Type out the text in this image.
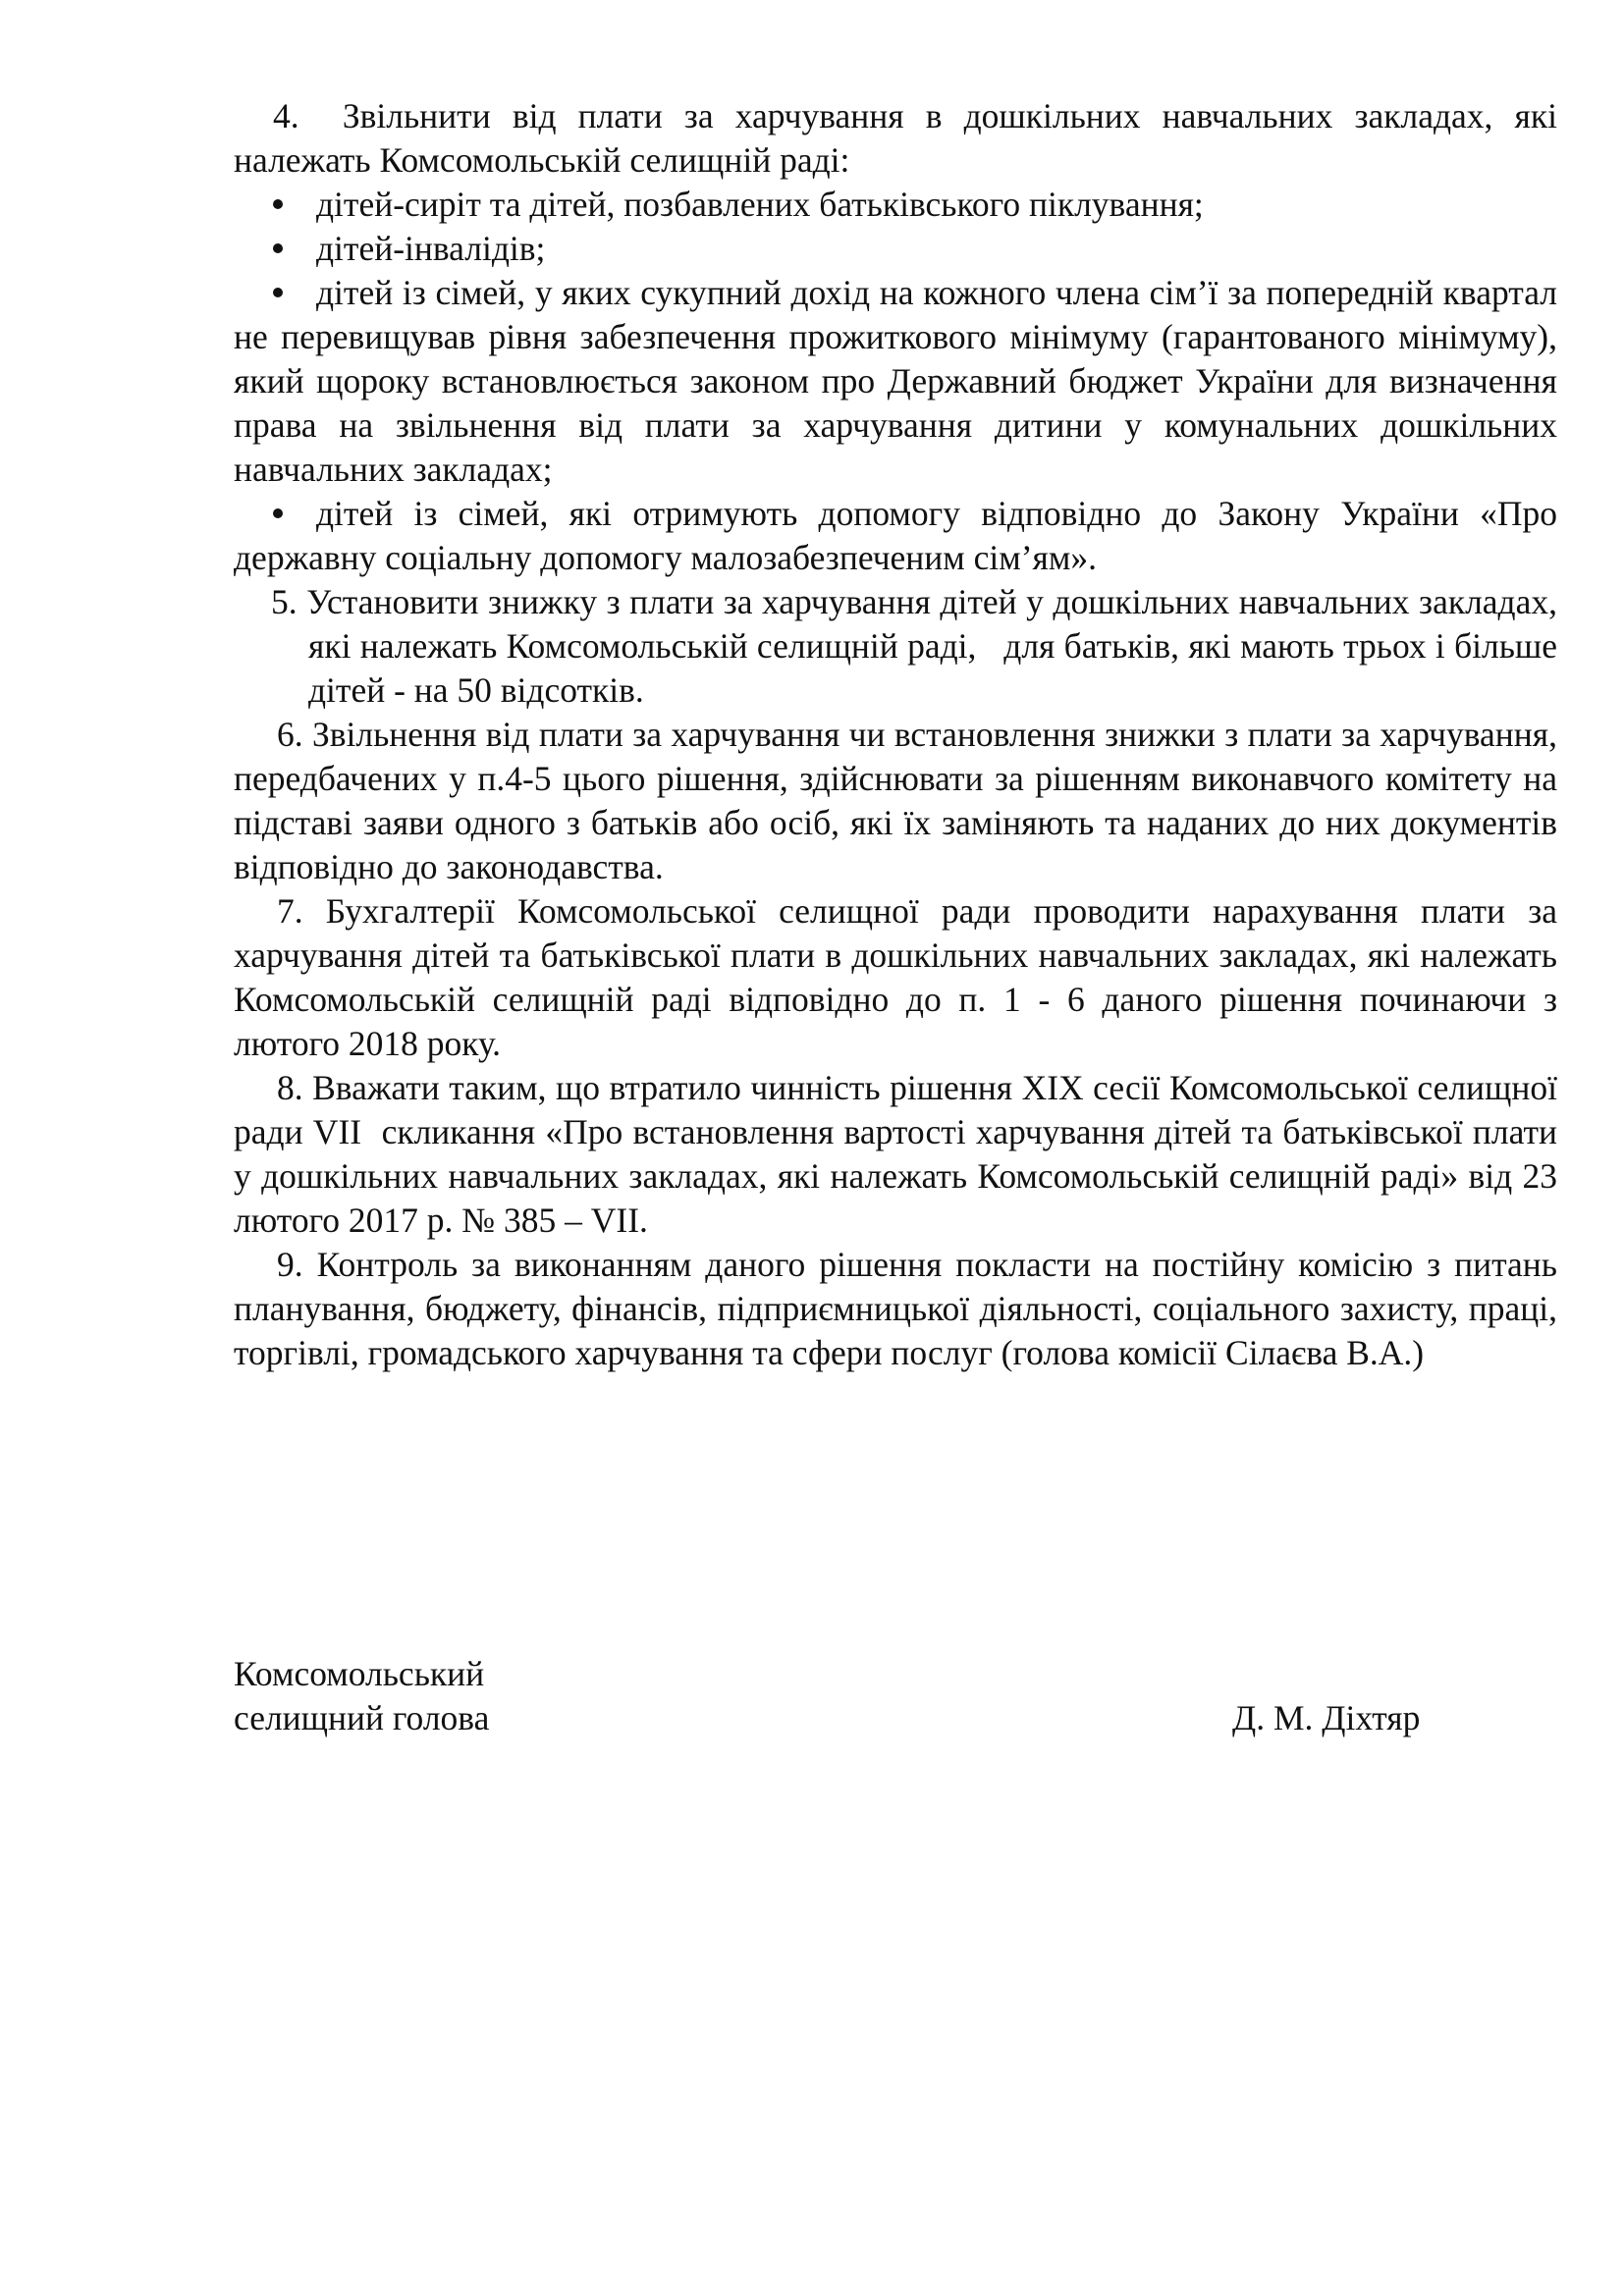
4.  Звільнити від плати за харчування в дошкільних навчальних закладах, які належать Комсомольській селищній раді:

дітей-сиріт та дітей, позбавлених батьківського піклування;

дітей-інвалідів;

дітей із сімей, у яких сукупний дохід на кожного члена сім’ї за попередній квартал не перевищував рівня забезпечення прожиткового мінімуму (гарантованого мінімуму), який щороку встановлюється законом про Державний бюджет України для визначення права на звільнення від плати за харчування дитини у комунальних дошкільних навчальних закладах;

дітей із сімей, які отримують допомогу відповідно до Закону України «Про державну соціальну допомогу малозабезпеченим сім’ям».

5. Установити знижку з плати за харчування дітей у дошкільних навчальних закладах, які належать Комсомольській селищній раді,   для батьків, які мають трьох і більше дітей - на 50 відсотків.

6. Звільнення від плати за харчування чи встановлення знижки з плати за харчування, передбачених у п.4-5 цього рішення, здійснювати за рішенням виконавчого комітету на підставі заяви одного з батьків або осіб, які їх заміняють та наданих до них документів відповідно до законодавства.

7. Бухгалтерії Комсомольської селищної ради проводити нарахування плати за харчування дітей та батьківської плати в дошкільних навчальних закладах, які належать Комсомольській селищній раді відповідно до п. 1 - 6 даного рішення починаючи з лютого 2018 року.

8. Вважати таким, що втратило чинність рішення XIX сесії Комсомольської селищної ради VII  скликання «Про встановлення вартості харчування дітей та батьківської плати у дошкільних навчальних закладах, які належать Комсомольській селищній раді» від 23 лютого 2017 р. № 385 – VII.

9. Контроль за виконанням даного рішення покласти на постійну комісію з питань планування, бюджету, фінансів, підприємницької діяльності, соціального захисту, праці, торгівлі, громадського харчування та сфери послуг (голова комісії Сілаєва В.А.)

Комсомольський
селищний голова	Д. М. Діхтяр
